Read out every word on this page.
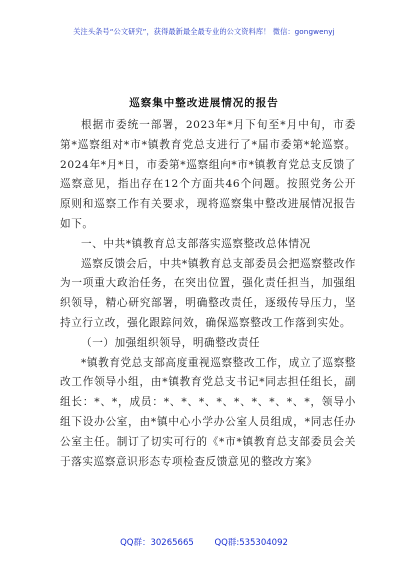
关注头条号“公文研究”，获得最新最全最专业的公文资料库！ 微信：gongwenyj
巡察集中整改进展情况的报告

根据市委统一部署，2023年*月下旬至*月中旬，市委第*巡察组对*市*镇教育党总支进行了*届市委第*轮巡察。2024年*月*日，市委第*巡察组向*市*镇教育党总支反馈了巡察意见，指出存在12个方面共46个问题。按照党务公开原则和巡察工作有关要求，现将巡察集中整改进展情况报告如下。

一、中共*镇教育总支部落实巡察整改总体情况

巡察反馈会后，中共*镇教育总支部委员会把巡察整改作为一项重大政治任务，在突出位置，强化责任担当，加强组织领导，精心研究部署，明确整改责任，逐级传导压力，坚持立行立改，强化跟踪问效，确保巡察整改工作落到实处。

（一）加强组织领导，明确整改责任

*镇教育党总支部高度重视巡察整改工作，成立了巡察整改工作领导小组，由*镇教育党总支书记*同志担任组长，副组长：*、*，成员：*、*、*、*、*、*、*、*、*，领导小组下设办公室，由*镇中心小学办公室人员组成，*同志任办公室主任。制订了切实可行的《*市*镇教育总支部委员会关于落实巡察意识形态专项检查反馈意见的整改方案》

QQ群：30265665 QQ群:535304092
